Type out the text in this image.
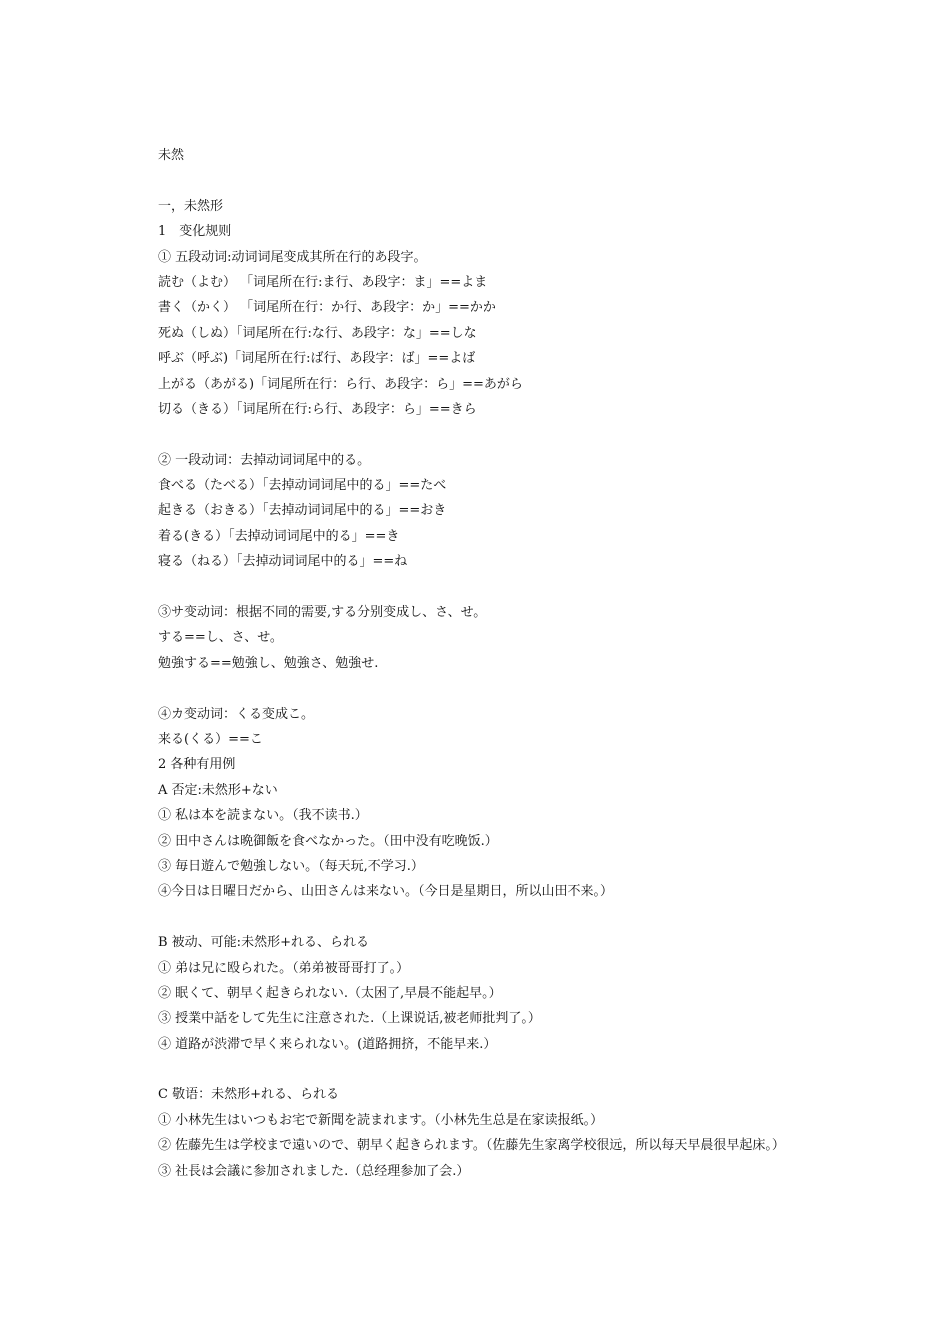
未然
一，未然形
1　变化规则
① 五段动词:动词词尾变成其所在行的あ段字。
読む（よむ） 「词尾所在行:ま行、あ段字：ま」==よま
書く（かく） 「词尾所在行：か行、あ段字：か」==かか
死ぬ（しぬ）「词尾所在行:な行、あ段字：な」==しな
呼ぶ（呼ぶ)「词尾所在行:ば行、あ段字：ば」==よば
上がる（あがる)「词尾所在行：ら行、あ段字：ら」==あがら
切る（きる）「词尾所在行:ら行、あ段字：ら」==きら
② 一段动词：去掉动词词尾中的る。
食べる（たべる）「去掉动词词尾中的る」==たべ
起きる（おきる）「去掉动词词尾中的る」==おき
着る(きる）「去掉动词词尾中的る」==き
寝る（ねる）「去掉动词词尾中的る」==ね
③サ变动词：根据不同的需要,する分别变成し、さ、せ。
する==し、さ、せ。
勉強する==勉強し、勉強さ、勉強せ.
④カ变动词：くる变成こ。
来る(くる）==こ
2 各种有用例
A 否定:未然形+ない
① 私は本を読まない。（我不读书.）
② 田中さんは晩御飯を食べなかった。（田中没有吃晚饭.）
③ 毎日遊んで勉強しない。（每天玩,不学习.）
④今日は日曜日だから、山田さんは来ない。（今日是星期日，所以山田不来。）
B 被动、可能:未然形+れる、られる
① 弟は兄に殴られた。（弟弟被哥哥打了。）
② 眠くて、朝早く起きられない.（太困了,早晨不能起早。）
③ 授業中話をして先生に注意された.（上课说话,被老师批判了。）
④ 道路が渋滞で早く来られない。(道路拥挤，不能早来.）
C 敬语：未然形+れる、られる
① 小林先生はいつもお宅で新聞を読まれます。（小林先生总是在家读报纸。）
② 佐藤先生は学校まで遠いので、朝早く起きられます。（佐藤先生家离学校很远，所以每天早晨很早起床。）
③ 社長は会議に参加されました.（总经理参加了会.）
